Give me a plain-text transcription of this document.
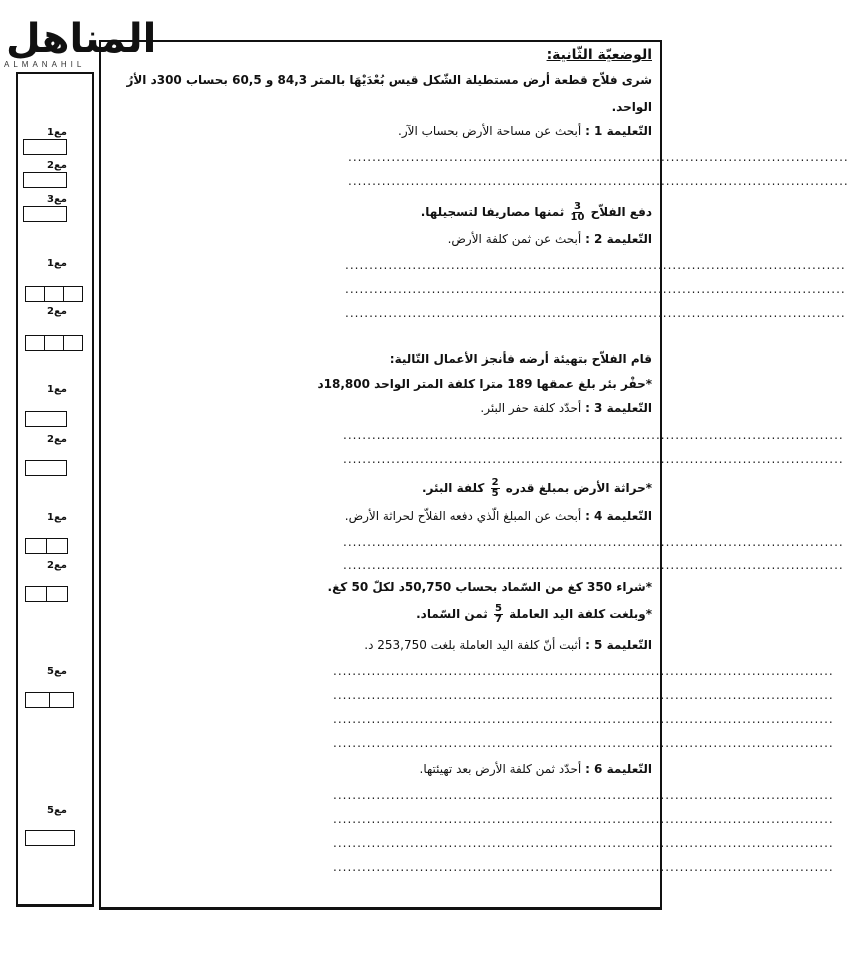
المناهل
ALMANAHIL
مع1
مع2
مع3
مع1
مع2
مع1
مع2
مع1
مع2
مع5
مع5
الوضعيّة الثّانية:
شرى فلاّح قطعة أرض مستطيلة الشّكل قيس بُعْدَيْهَا بالمتر 84,3 و 60,5 بحساب 300د الأرُ
الواحد.
التّعليمة 1 : أبحث عن مساحة الأرض بحساب الآر.
........................................................................................................
........................................................................................................
دفع الفلاّح
$\frac{3}{10}$
ثمنها مصاريفا لتسجيلها.
التّعليمة 2 : أبحث عن ثمن كلفة الأرض.
........................................................................................................
........................................................................................................
........................................................................................................
قام الفلاّح بتهيئة أرضه فأنجز الأعمال التّالية:
*حفْر بئر بلغ عمقها 189 مترا كلفة المتر الواحد 18,800د
التّعليمة 3 : أحدّد كلفة حفر البئر.
........................................................................................................
........................................................................................................
*حراثة الأرض بمبلغ قدره
$\frac{2}{5}$
كلفة البئر.
التّعليمة 4 : أبحث عن المبلغ الّذي دفعه الفلاّح لحراثة الأرض.
........................................................................................................
........................................................................................................
*شراء 350 كغ من السّماد بحساب 50,750د لكلّ 50 كغ.
*وبلغت كلفة اليد العاملة
$\frac{5}{7}$
ثمن السّماد.
التّعليمة 5 : أثبت أنّ كلفة اليد العاملة بلغت 253,750 د.
........................................................................................................
........................................................................................................
........................................................................................................
........................................................................................................
التّعليمة 6 : أحدّد ثمن كلفة الأرض بعد تهيئتها.
........................................................................................................
........................................................................................................
........................................................................................................
........................................................................................................
